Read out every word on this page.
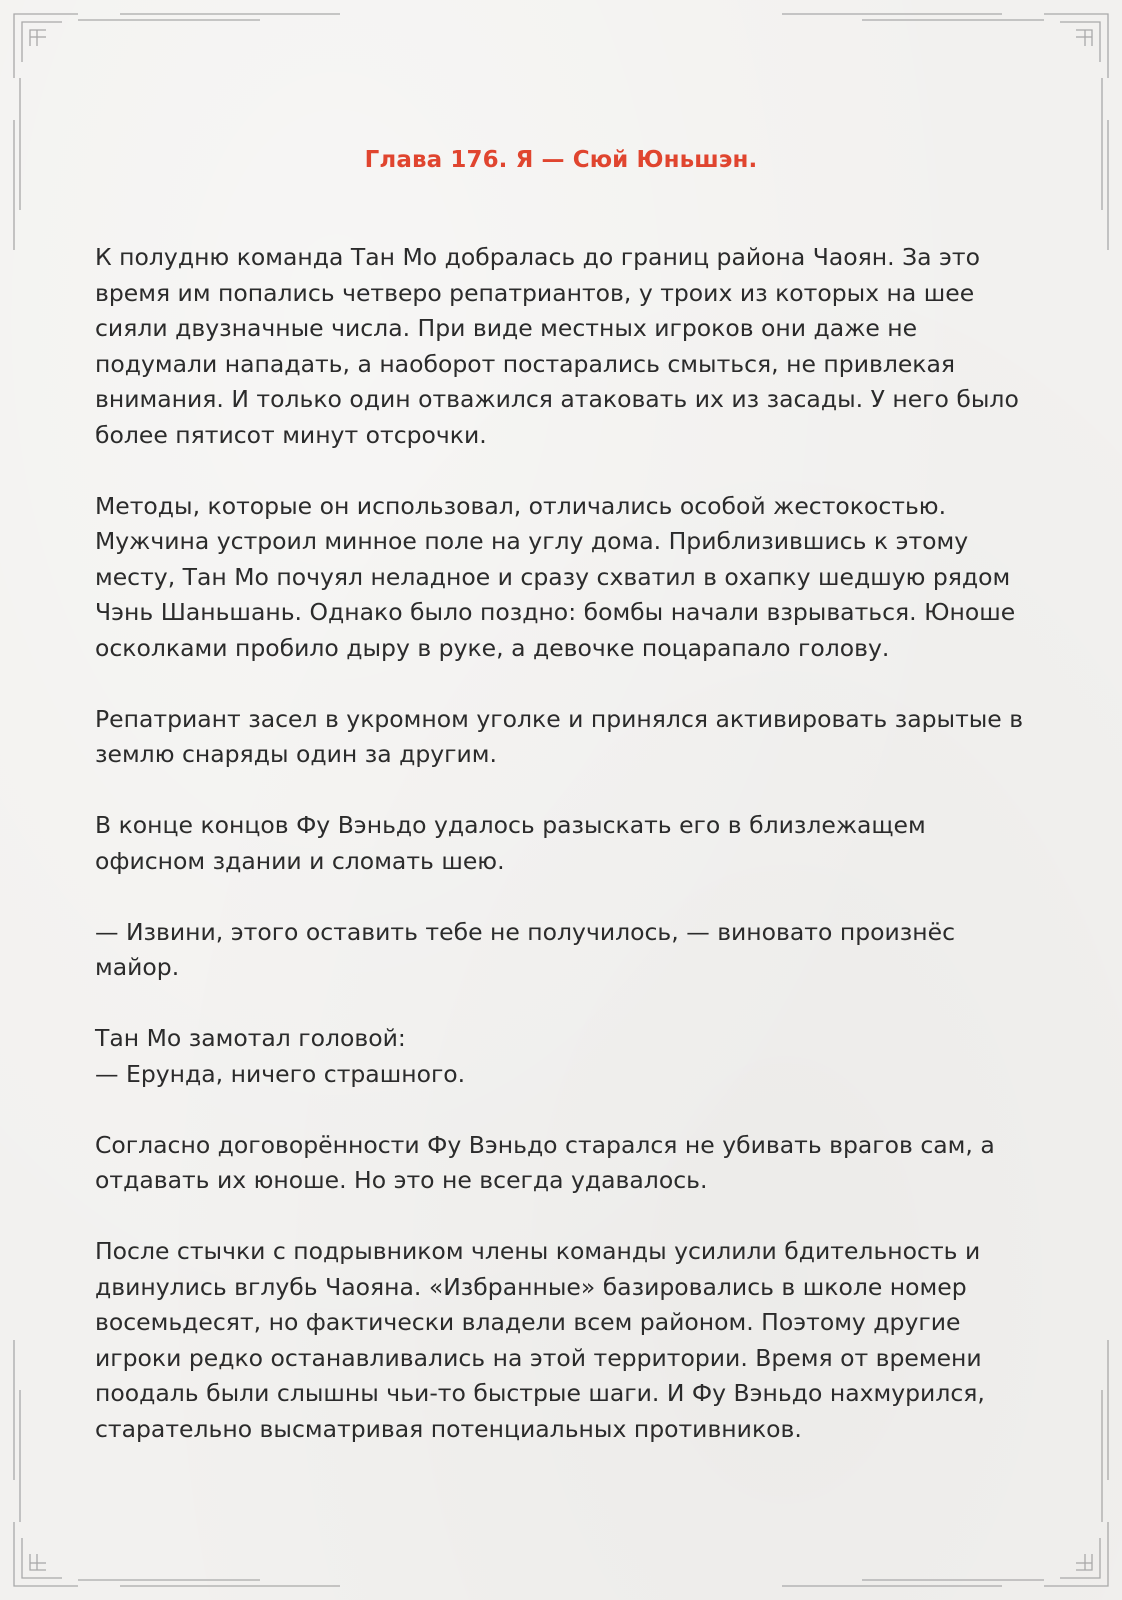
Глава 176. Я — Сюй Юньшэн.

К полудню команда Тан Мо добралась до границ района Чаоян. За это
время им попались четверо репатриантов, у троих из которых на шее
сияли двузначные числа. При виде местных игроков они даже не
подумали нападать, а наоборот постарались смыться, не привлекая
внимания. И только один отважился атаковать их из засады. У него было
более пятисот минут отсрочки.

Методы, которые он использовал, отличались особой жестокостью.
Мужчина устроил минное поле на углу дома. Приблизившись к этому
месту, Тан Мо почуял неладное и сразу схватил в охапку шедшую рядом
Чэнь Шаньшань. Однако было поздно: бомбы начали взрываться. Юноше
осколками пробило дыру в руке, а девочке поцарапало голову.

Репатриант засел в укромном уголке и принялся активировать зарытые в
землю снаряды один за другим.

В конце концов Фу Вэньдо удалось разыскать его в близлежащем
офисном здании и сломать шею.

— Извини, этого оставить тебе не получилось, — виновато произнёс
майор.

Тан Мо замотал головой:
— Ерунда, ничего страшного.

Согласно договорённости Фу Вэньдо старался не убивать врагов сам, а
отдавать их юноше. Но это не всегда удавалось.

После стычки с подрывником члены команды усилили бдительность и
двинулись вглубь Чаояна. «Избранные» базировались в школе номер
восемьдесят, но фактически владели всем районом. Поэтому другие
игроки редко останавливались на этой территории. Время от времени
поодаль были слышны чьи-то быстрые шаги. И Фу Вэньдо нахмурился,
старательно высматривая потенциальных противников.
